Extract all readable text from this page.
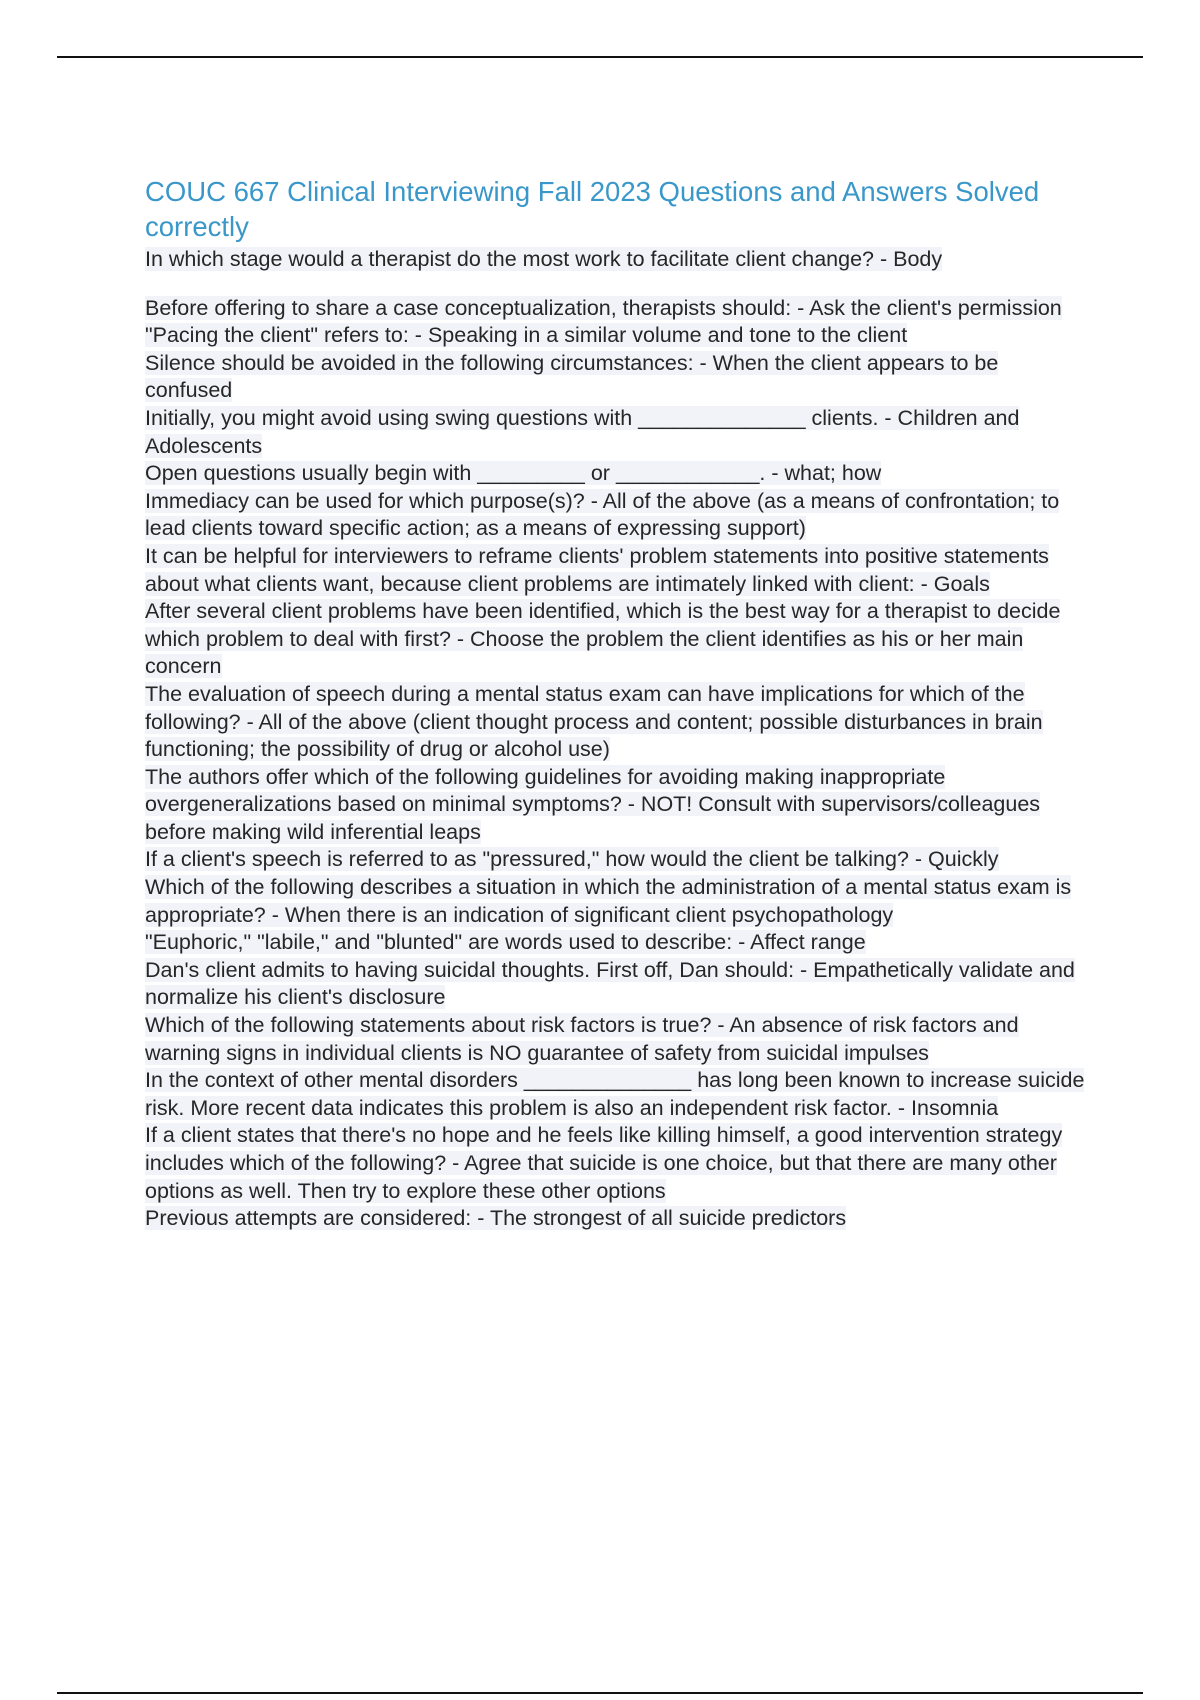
COUC 667 Clinical Interviewing Fall 2023 Questions and Answers Solved correctly
In which stage would a therapist do the most work to facilitate client change? - Body
Before offering to share a case conceptualization, therapists should: - Ask the client's permission
"Pacing the client" refers to: - Speaking in a similar volume and tone to the client
Silence should be avoided in the following circumstances: - When the client appears to be confused
Initially, you might avoid using swing questions with ______________ clients. - Children and Adolescents
Open questions usually begin with _________ or ____________. - what; how
Immediacy can be used for which purpose(s)? - All of the above (as a means of confrontation; to lead clients toward specific action; as a means of expressing support)
It can be helpful for interviewers to reframe clients' problem statements into positive statements about what clients want, because client problems are intimately linked with client: - Goals
After several client problems have been identified, which is the best way for a therapist to decide which problem to deal with first? - Choose the problem the client identifies as his or her main concern
The evaluation of speech during a mental status exam can have implications for which of the following? - All of the above (client thought process and content; possible disturbances in brain functioning; the possibility of drug or alcohol use)
The authors offer which of the following guidelines for avoiding making inappropriate overgeneralizations based on minimal symptoms? - NOT! Consult with supervisors/colleagues before making wild inferential leaps
If a client's speech is referred to as "pressured," how would the client be talking? - Quickly
Which of the following describes a situation in which the administration of a mental status exam is appropriate? - When there is an indication of significant client psychopathology
"Euphoric," "labile," and "blunted" are words used to describe: - Affect range
Dan's client admits to having suicidal thoughts. First off, Dan should: - Empathetically validate and normalize his client's disclosure
Which of the following statements about risk factors is true? - An absence of risk factors and warning signs in individual clients is NO guarantee of safety from suicidal impulses
In the context of other mental disorders ______________ has long been known to increase suicide risk. More recent data indicates this problem is also an independent risk factor. - Insomnia
If a client states that there's no hope and he feels like killing himself, a good intervention strategy includes which of the following? - Agree that suicide is one choice, but that there are many other options as well. Then try to explore these other options
Previous attempts are considered: - The strongest of all suicide predictors
